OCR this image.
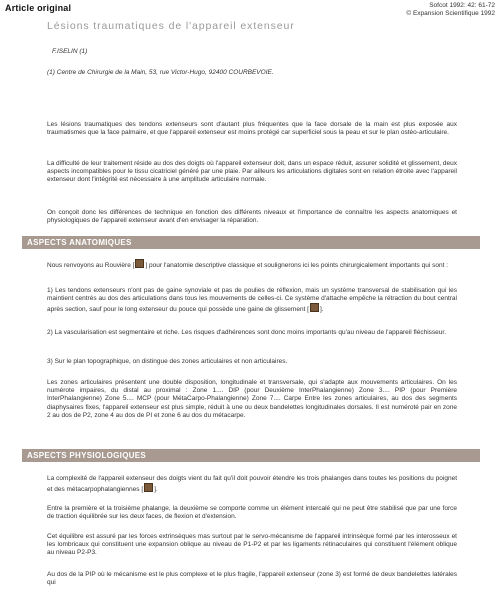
Article original	Sofcot 1992: 42: 61-72
© Expansion Scientifique 1992
Lésions traumatiques de l'appareil extenseur
F.ISELIN (1)
(1) Centre de Chirurgie de la Main, 53, rue Victor-Hugo, 92400 COURBEVOIE.

Les lésions traumatiques des tendons extenseurs sont d'autant plus fréquentes que la face dorsale de la main est plus exposée aux traumatismes que la face palmaire, et que l'appareil extenseur est moins protégé car superficiel sous la peau et sur le plan ostéo-articulaire.

La difficulté de leur traitement réside au dos des doigts où l'appareil extenseur doit, dans un espace réduit, assurer solidité et glissement, deux aspects incompatibles pour le tissu cicatriciel généré par une plaie. Par ailleurs les articulations digitales sont en relation étroite avec l'appareil extenseur dont l'intégrité est nécessaire à une amplitude articulaire normale.

On conçoit donc les différences de technique en fonction des différents niveaux et l'importance de connaître les aspects anatomiques et physiologiques de l'appareil extenseur avant d'en envisager la réparation.

ASPECTS ANATOMIQUES

Nous renvoyons au Rouvière [ ] pour l'anatomie descriptive classique et soulignerons ici les points chirurgicalement importants qui sont :

1) Les tendons extenseurs n'ont pas de gaine synoviale et pas de poulies de réflexion, mais un système transversal de stabilisation qui les maintient centrés au dos des articulations dans tous les mouvements de celles-ci. Ce système d'attache empêche la rétraction du bout central après section, sauf pour le long extenseur du pouce qui possède une gaine de glissement [ ].

2) La vascularisation est segmentaire et riche. Les risques d'adhérences sont donc moins importants qu'au niveau de l'appareil fléchisseur.

3) Sur le plan topographique, on distingue des zones articulaires et non articulaires.

Les zones articulaires présentent une double disposition, longitudinale et transversale, qui s'adapte aux mouvements articulaires. On les numérote impaires, du distal au proximal : Zone 1.... DIP (pour Deuxième InterPhalangienne) Zone 3.... PIP (pour Première InterPhalangienne) Zone 5.... MCP (pour MétaCarpo-Phalangienne) Zone 7.... Carpe Entre les zones articulaires, au dos des segments diaphysaires fixes, l'appareil extenseur est plus simple, réduit à une ou deux bandelettes longitudinales dorsales. Il est numéroté pair en zone 2 au dos de P2, zone 4 au dos de PI et zone 6 au dos du métacarpe.

ASPECTS PHYSIOLOGIQUES

La complexité de l'appareil extenseur des doigts vient du fait qu'il doit pouvoir étendre les trois phalanges dans toutes les positions du poignet et des métacarpophalangiennes [ ].

Entre la première et la troisième phalange, la deuxième se comporte comme un élément intercalé qui ne peut être stabilisé que par une force de traction équilibrée sur les deux faces, de flexion et d'extension.

Cet équilibre est assuré par les forces extrinsèques mas surtout par le servo-mécanisme de l'appareil intrinsèque formé par les interosseux et les lombricaux qui constituent une expansion oblique au niveau de P1-P2 et par les ligaments rétinaculaires qui constituent l'élément oblique au niveau P2-P3.

Au dos de la PIP où le mécanisme est le plus complexe et le plus fragile, l'appareil extenseur (zone 3) est formé de deux bandelettes latérales qui
